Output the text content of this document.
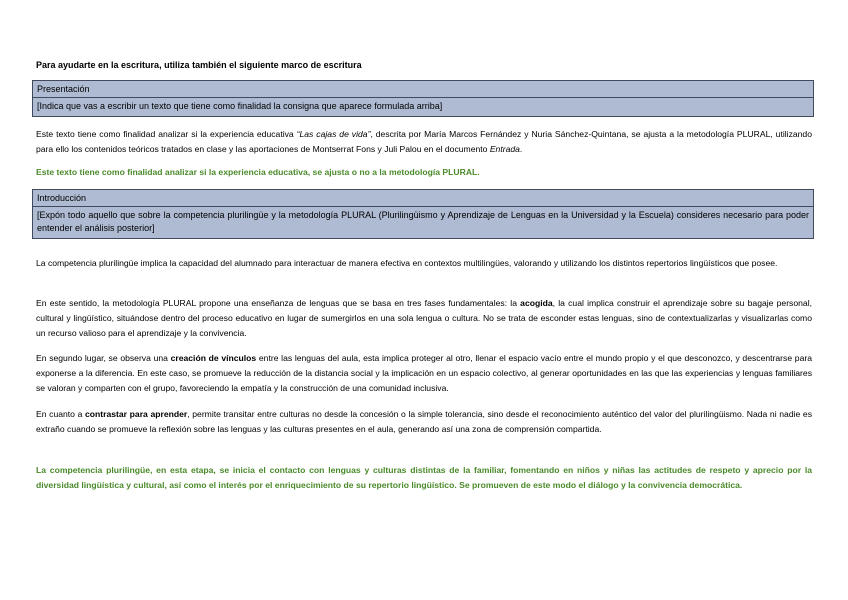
Para ayudarte en la escritura, utiliza también el siguiente marco de escritura
Presentación
[Indica que vas a escribir un texto que tiene como finalidad la consigna que aparece formulada arriba]

Este texto tiene como finalidad analizar si la experiencia educativa “Las cajas de vida”, descrita por María Marcos Fernández y Nuria Sánchez-Quintana, se ajusta a la metodología PLURAL, utilizando para ello los contenidos teóricos tratados en clase y las aportaciones de Montserrat Fons y Juli Palou en el documento Entrada.

Este texto tiene como finalidad analizar si la experiencia educativa, se ajusta o no a la metodología PLURAL.

Introducción
[Expón todo aquello que sobre la competencia plurilingüe y la metodología PLURAL (Plurilingüismo y Aprendizaje de Lenguas en la Universidad y la Escuela) consideres necesario para poder entender el análisis posterior]

La competencia plurilingüe implica la capacidad del alumnado para interactuar de manera efectiva en contextos multilingües, valorando y utilizando los distintos repertorios lingüísticos que posee.

En este sentido, la metodología PLURAL propone una enseñanza de lenguas que se basa en tres fases fundamentales: la acogida, la cual implica construir el aprendizaje sobre su bagaje personal, cultural y lingüístico, situándose dentro del proceso educativo en lugar de sumergirlos en una sola lengua o cultura. No se trata de esconder estas lenguas, sino de contextualizarlas y visualizarlas como un recurso valioso para el aprendizaje y la convivencia.

En segundo lugar, se observa una creación de vínculos entre las lenguas del aula, esta implica proteger al otro, llenar el espacio vacío entre el mundo propio y el que desconozco, y descentrarse para exponerse a la diferencia. En este caso, se promueve la reducción de la distancia social y la implicación en un espacio colectivo, al generar oportunidades en las que las experiencias y lenguas familiares se valoran y comparten con el grupo, favoreciendo la empatía y la construcción de una comunidad inclusiva.

En cuanto a contrastar para aprender, permite transitar entre culturas no desde la concesión o la simple tolerancia, sino desde el reconocimiento auténtico del valor del plurilingüismo. Nada ni nadie es extraño cuando se promueve la reflexión sobre las lenguas y las culturas presentes en el aula, generando así una zona de comprensión compartida.

La competencia plurilingüe, en esta etapa, se inicia el contacto con lenguas y culturas distintas de la familiar, fomentando en niños y niñas las actitudes de respeto y aprecio por la diversidad lingüística y cultural, así como el interés por el enriquecimiento de su repertorio lingüístico. Se promueven de este modo el diálogo y la convivencia democrática.
